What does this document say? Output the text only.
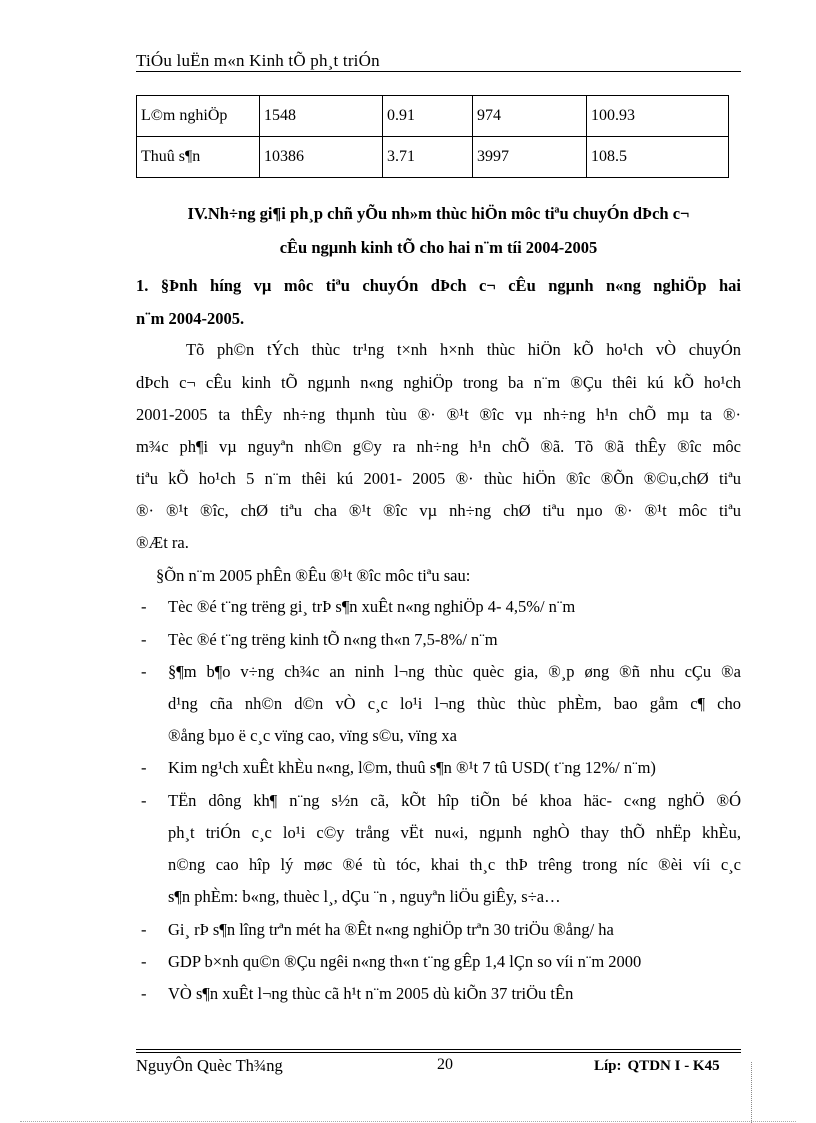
TiÓu luËn m«n Kinh tÕ ph¸t triÓn
L©m nghiÖp	1548	0.91	974	100.93
Thuû s¶n	10386	3.71	3997	108.5
IV.Nh÷ng gi¶i ph¸p chñ yÕu nh»m thùc hiÖn môc tiªu chuyÓn dÞch c¬
cÊu ngµnh kinh tÕ cho hai n¨m tíi 2004-2005
1. §Þnh híng vµ môc tiªu chuyÓn dÞch c¬ cÊu ngµnh n«ng nghiÖp hai
n¨m 2004-2005.
Tõ ph©n tÝch thùc tr¹ng t×nh h×nh thùc hiÖn kÕ ho¹ch vÒ chuyÓn
dÞch c¬ cÊu kinh tÕ ngµnh n«ng nghiÖp trong ba n¨m ®Çu thêi kú kÕ ho¹ch
2001-2005 ta thÊy nh÷ng thµnh tùu ®· ®¹t ®îc vµ nh÷ng h¹n chÕ mµ ta ®·
m¾c ph¶i vµ nguyªn nh©n g©y ra nh÷ng h¹n chÕ ®ã. Tõ ®ã thÊy ®îc môc
tiªu kÕ ho¹ch 5 n¨m thêi kú 2001- 2005 ®· thùc hiÖn ®îc ®Õn ®©u,chØ tiªu
®· ®¹t ®îc, chØ tiªu cha ®¹t ®îc vµ nh÷ng chØ tiªu nµo ®· ®¹t môc tiªu
®Æt ra.
§Õn n¨m 2005 phÊn ®Êu ®¹t ®îc môc tiªu sau:
- Tèc ®é t¨ng trëng gi¸ trÞ s¶n xuÊt n«ng nghiÖp 4- 4,5%/ n¨m
- Tèc ®é t¨ng trëng kinh tÕ n«ng th«n 7,5-8%/ n¨m
- §¶m b¶o v÷ng ch¾c an ninh l¬ng thùc quèc gia, ®¸p øng ®ñ nhu cÇu ®a
d¹ng cña nh©n d©n vÒ c¸c lo¹i l¬ng thùc thùc phÈm, bao gåm c¶ cho
®ång bµo ë c¸c vïng cao, vïng s©u, vïng xa
- Kim ng¹ch xuÊt khÈu n«ng, l©m, thuû s¶n ®¹t 7 tû USD( t¨ng 12%/ n¨m)
- TËn dông kh¶ n¨ng s½n cã, kÕt hîp tiÕn bé khoa häc- c«ng nghÖ ®Ó
ph¸t triÓn c¸c lo¹i c©y trång vËt nu«i, ngµnh nghÒ thay thÕ nhËp khÈu,
n©ng cao hîp lý møc ®é tù tóc, khai th¸c thÞ trêng trong níc ®èi víi c¸c
s¶n phÈm: b«ng, thuèc l¸, dÇu ¨n , nguyªn liÖu giÊy, s÷a…
- Gi¸ rÞ s¶n lîng trªn mét ha ®Êt n«ng nghiÖp trªn 30 triÖu ®ång/ ha
- GDP b×nh qu©n ®Çu ngêi n«ng th«n t¨ng gÊp 1,4 lÇn so víi n¨m 2000
- VÒ s¶n xuÊt l¬ng thùc cã h¹t n¨m 2005 dù kiÕn 37 triÖu tÊn
NguyÔn Quèc Th¾ng	20	Líp: QTDN I - K45
